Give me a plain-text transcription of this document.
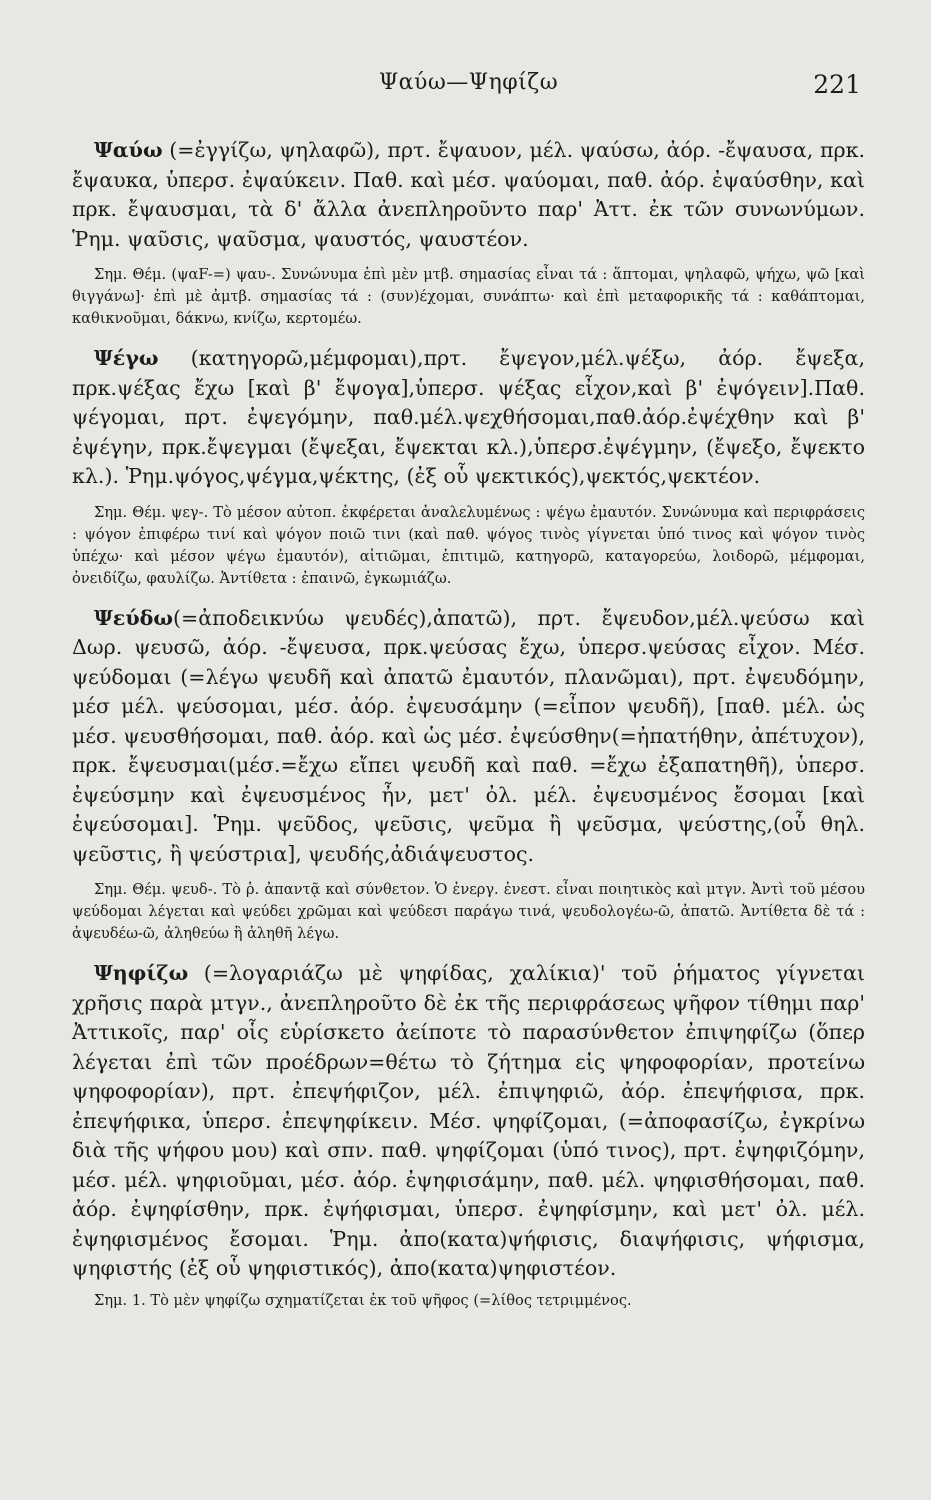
Ψαύω—Ψηφίζω	221

Ψαύω (=ἐγγίζω, ψηλαφῶ), πρτ. ἔψαυον, μέλ. ψαύσω, ἀόρ. -ἔψαυσα, πρκ. ἔψαυκα, ὑπερσ. ἐψαύκειν. Παθ. καὶ μέσ. ψαύομαι, παθ. ἀόρ. ἐψαύσθην, καὶ πρκ. ἔψαυσμαι, τὰ δ' ἄλλα ἀνεπληροῦντο παρ' Ἀττ. ἐκ τῶν συνωνύμων. Ῥημ. ψαῦσις, ψαῦσμα, ψαυστός, ψαυστέον.

Σημ. Θέμ. (ψαF-=) ψαυ-. Συνώνυμα ἐπὶ μὲν μτβ. σημασίας εἶναι τά : ἅπτομαι, ψηλαφῶ, ψήχω, ψῶ [καὶ θιγγάνω]· ἐπὶ μὲ ἀμτβ. σημασίας τά : (συν)έχομαι, συνάπτω· καὶ ἐπὶ μεταφορικῆς τά : καθάπτομαι, καθικνοῦμαι, δάκνω, κνίζω, κερτομέω.

Ψέγω (κατηγορῶ,μέμφομαι),πρτ. ἔψεγον,μέλ.ψέξω, ἀόρ. ἔψεξα, πρκ.ψέξας ἔχω [καὶ β' ἔψογα],ὑπερσ. ψέξας εἶχον,καὶ β' ἐψόγειν].Παθ. ψέγομαι, πρτ. ἐψεγόμην, παθ.μέλ.ψεχθήσομαι,παθ.ἀόρ.ἐψέχθην καὶ β' ἐψέγην, πρκ.ἔψεγμαι (ἔψεξαι, ἔψεκται κλ.),ὑπερσ.ἐψέγμην, (ἔψεξο, ἔψεκτο κλ.). Ῥημ.ψόγος,ψέγμα,ψέκτης, (ἐξ οὗ ψεκτικός),ψεκτός,ψεκτέον.

Σημ. Θέμ. ψεγ-. Τὸ μέσον αὐτοπ. ἐκφέρεται ἀναλελυμένως : ψέγω ἐμαυτόν. Συνώνυμα καὶ περιφράσεις : ψόγον ἐπιφέρω τινί καὶ ψόγον ποιῶ τινι (καὶ παθ. ψόγος τινὸς γίγνεται ὑπό τινος καὶ ψόγον τινὸς ὑπέχω· καὶ μέσον ψέγω ἐμαυτόν), αἰτιῶμαι, ἐπιτιμῶ, κατηγορῶ, καταγορεύω, λοιδορῶ, μέμφομαι, ὀνειδίζω, φαυλίζω. Ἀντίθετα : ἐπαινῶ, ἐγκωμιάζω.

Ψεύδω(=ἀποδεικνύω ψευδές),ἀπατῶ), πρτ. ἔψευδον,μέλ.ψεύσω καὶ Δωρ. ψευσῶ, ἀόρ. -ἔψευσα, πρκ.ψεύσας ἔχω, ὑπερσ.ψεύσας εἶχον. Μέσ. ψεύδομαι (=λέγω ψευδῆ καὶ ἀπατῶ ἐμαυτόν, πλανῶμαι), πρτ. ἐψευδόμην, μέσ μέλ. ψεύσομαι, μέσ. ἀόρ. ἐψευσάμην (=εἶπον ψευδῆ), [παθ. μέλ. ὡς μέσ. ψευσθήσομαι, παθ. ἀόρ. καὶ ὡς μέσ. ἐψεύσθην(=ἠπατήθην, ἀπέτυχον), πρκ. ἔψευσμαι(μέσ.=ἔχω εἴπει ψευδῆ καὶ παθ. =ἔχω ἐξαπατηθῆ), ὑπερσ. ἐψεύσμην καὶ ἐψευσμένος ἦν, μετ' ὀλ. μέλ. ἐψευσμένος ἔσομαι [καὶ ἐψεύσομαι]. Ῥημ. ψεῦδος, ψεῦσις, ψεῦμα ἢ ψεῦσμα, ψεύστης,(οὗ θηλ. ψεῦστις, ἢ ψεύστρια], ψευδής,ἀδιάψευστος.

Σημ. Θέμ. ψευδ-. Τὸ ῥ. ἀπαντᾷ καὶ σύνθετον. Ὁ ἐνεργ. ἐνεστ. εἶναι ποιητικὸς καὶ μτγν. Ἀντὶ τοῦ μέσου ψεύδομαι λέγεται καὶ ψεύδει χρῶμαι καὶ ψεύδεσι παράγω τινά, ψευδολογέω-ῶ, ἀπατῶ. Ἀντίθετα δὲ τά : ἀψευδέω-ῶ, ἀληθεύω ἢ ἀληθῆ λέγω.

Ψηφίζω (=λογαριάζω μὲ ψηφίδας, χαλίκια)' τοῦ ῥήματος γίγνεται χρῆσις παρὰ μτγν., ἀνεπληροῦτο δὲ ἐκ τῆς περιφράσεως ψῆφον τίθημι παρ' Ἀττικοῖς, παρ' οἷς εὑρίσκετο ἀείποτε τὸ παρασύνθετον ἐπιψηφίζω (ὅπερ λέγεται ἐπὶ τῶν προέδρων=θέτω τὸ ζήτημα εἰς ψηφοφορίαν, προτείνω ψηφοφορίαν), πρτ. ἐπεψήφιζον, μέλ. ἐπιψηφιῶ, ἀόρ. ἐπεψήφισα, πρκ. ἐπεψήφικα, ὑπερσ. ἐπεψηφίκειν. Μέσ. ψηφίζομαι, (=ἀποφασίζω, ἐγκρίνω διὰ τῆς ψήφου μου) καὶ σπν. παθ. ψηφίζομαι (ὑπό τινος), πρτ. ἐψηφιζόμην, μέσ. μέλ. ψηφιοῦμαι, μέσ. ἀόρ. ἐψηφισάμην, παθ. μέλ. ψηφισθήσομαι, παθ. ἀόρ. ἐψηφίσθην, πρκ. ἐψήφισμαι, ὑπερσ. ἐψηφίσμην, καὶ μετ' ὀλ. μέλ. ἐψηφισμένος ἔσομαι. Ῥημ. ἀπο(κατα)ψήφισις, διαψήφισις, ψήφισμα, ψηφιστής (ἐξ οὗ ψηφιστικός), ἀπο(κατα)ψηφιστέον.

Σημ. 1. Τὸ μὲν ψηφίζω σχηματίζεται ἐκ τοῦ ψῆφος (=λίθος τετριμμένος.
